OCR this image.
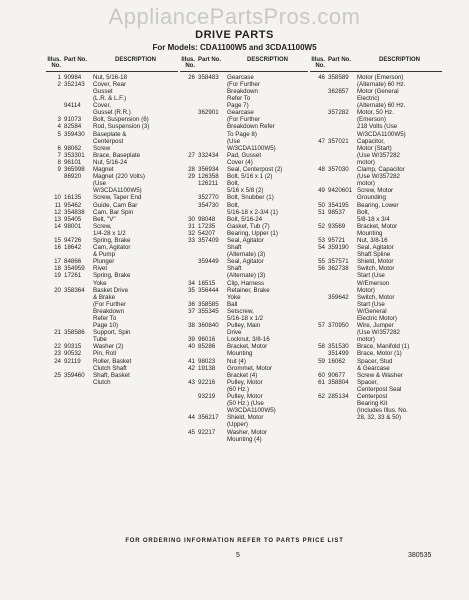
AppliancePartsPros.com
DRIVE PARTS
For Models: CDA1100W5 and 3CDA1100W5
Illus. No.
Part No.	DESCRIPTION
1 90984	Nut, 5/16-18
2 352143	Cover, Rear
Gusset
(L.R. & L.F.)
94114	Cover,
Gusset (R.R.)
3 91073	Bolt, Suspension (6)
4 82584	Rod, Suspension (3)
5 359430	Baseplate &
Centerpost
6 98062	Screw
7 353301	Brace, Baseplate
8 96101	Nut, 5/16-24
9 365998	Magnet
86920	Magnet (220 Volts)
(Use
W/3CDA1100W5)
10 16135	Screw, Taper End
11 95462	Guide, Cam Bar
12 354838	Cam, Bar Spin
13 95405	Belt, "V"
14 98001	Screw,
1/4-28 x 1/2
15 94726	Spring, Brake
16 18642	Cam, Agitator
& Pump
17 84866	Plunger
18 354959	Rivet
19 17261	Spring, Brake
Yoke
20 358364	Basket Drive
& Brake
(For Further
Breakdown
Refer To
Page 10)
21 358586	Support, Spin
Tube
22 90315	Washer (2)
23 90532	Pin, Roll
24 92119	Roller, Basket
Clutch Shaft
25 359460	Shaft, Basket
Clutch
Illus. No.
Part No.	DESCRIPTION
26 358483	Gearcase
(For Further
Breakdown
Refer To
Page 7)
362901	Gearcase
(For Further
Breakdown Refer
To Page 8)
(Use
W/3CDA1100W5)
27 332434	Pad, Gusset
Cover (4)
28 356934	Seal, Centerpost (2)
29 126358	Bolt, 5/16 x 1 (2)
126211	Bolt,
5/16 x 5/8 (2)
352770	Bolt, Snubber (1)
354730	Bolt,
5/16-18 x 2-3/4 (1)
30 98048	Bolt, 5/16-24
31 17235	Gasket, Tub (7)
32 54207	Bearing, Upper (1)
33 357409	Seal, Agitator
Shaft
(Alternate) (3)
359449	Seal, Agitator
Shaft
(Alternate) (3)
34 16515	Clip, Harness
35 356444	Retainer, Brake
Yoke
36 358585	Ball
37 355345	Setscrew,
5/16-18 x 1/2
38 360840	Pulley, Main
Drive
39 96016	Locknut, 3/8-16
40 85286	Bracket, Motor
Mounting
41 98023	Nut (4)
42 19138	Grommet, Motor
Bracket (4)
43 92216	Pulley, Motor
(60 Hz.)
93219	Pulley, Motor
(50 Hz.) (Use
W/3CDA1100W5)
44 356217	Shield, Motor
(Upper)
45 92217	Washer, Motor
Mounting (4)
Illus. No.
Part No.	DESCRIPTION
46 358589	Motor (Emerson)
(Alternate) 60 Hz.
362857	Motor (General
Electric)
(Alternate) 60 Hz.
357282	Motor, 50 Hz.
(Emerson)
218 Volts (Use
W/3CDA1100W5)
47 357021	Capacitor,
Motor (Start)
(Use W/357282
motor)
48 357030	Clamp, Capacitor
(Use W/357282
motor)
49 9420601 Screw, Motor
Grounding
50 354195	Bearing, Lower
51 98537	Bolt,
5/8-18 x 3/4
52 93569	Bracket, Motor
Mounting
53 95721	Nut, 3/8-16
54 359190	Seal, Agitator
Shaft Spline
55 357571	Shield, Motor
56 362738	Switch, Motor
Start (Use
W/Emerson
Motor)
359642	Switch, Motor
Start (Use
W/General
Electric Motor)
57 370950	Wire, Jumper
(Use W/357282
motor)
58 351530	Brace, Manifold (1)
351499	Brace, Motor (1)
59 16062	Spacer, Stud
& Gearcase
60 90677	Screw & Washer
61 358804	Spacer,
Centerpost Seal
62 285134	Centerpost
Bearing Kit
(Includes Illus. No.
28, 32, 33 & 50)
FOR ORDERING INFORMATION REFER TO PARTS PRICE LIST
5	380535
